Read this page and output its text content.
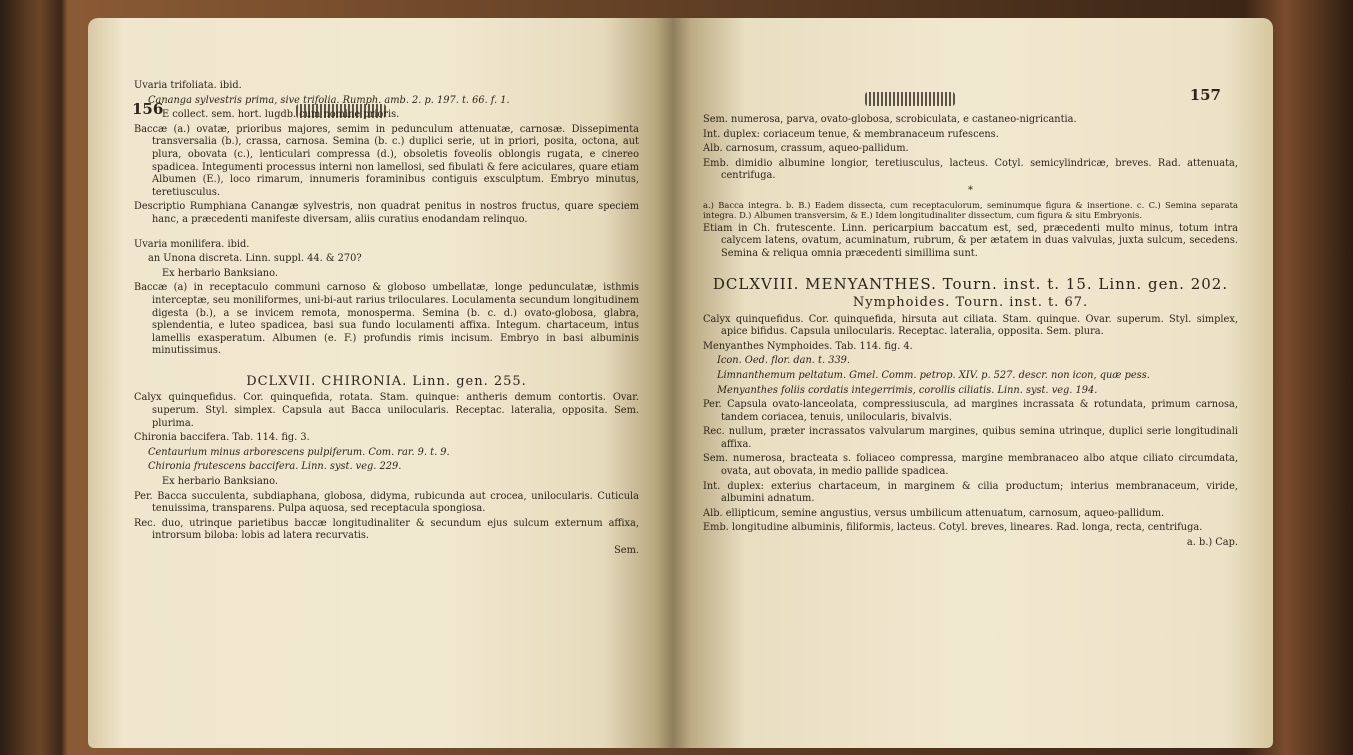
156

Uvaria trifoliata. ibid.

Cananga sylvestris prima, sive trifolia. Rumph. amb. 2. p. 197. t. 66. f. 1.

E collect. sem. hort. lugdb. cum nomine prioris.

Baccæ (a.) ovatæ, prioribus majores, semim in pedunculum attenuatæ, carnosæ. Dissepimenta transversalia (b.), crassa, carnosa. Semina (b. c.) duplici serie, ut in priori, posita, octona, aut plura, obovata (c.), lenticulari compressa (d.), obsoletis foveolis oblongis rugata, e cinereo spadicea. Integumenti processus interni non lamellosi, sed fibulati & fere aciculares, quare etiam Albumen (E.), loco rimarum, innumeris foraminibus contiguis exsculptum. Embryo minutus, teretiusculus.

Descriptio Rumphiana Canangæ sylvestris, non quadrat penitus in nostros fructus, quare speciem hanc, a præcedenti manifeste diversam, aliis curatius enodandam relinquo.

Uvaria monilifera. ibid.

an Unona discreta. Linn. suppl. 44. & 270?

Ex herbario Banksiano.

Baccæ (a) in receptaculo communi carnoso & globoso umbellatæ, longe pedunculatæ, isthmis interceptæ, seu moniliformes, uni-bi-aut rarius triloculares. Loculamenta secundum longitudinem digesta (b.), a se invicem remota, monosperma. Semina (b. c. d.) ovato-globosa, glabra, splendentia, e luteo spadicea, basi sua fundo loculamenti affixa. Integum. chartaceum, intus lamellis exasperatum. Albumen (e. F.) profundis rimis incisum. Embryo in basi albuminis minutissimus.

DCLXVII. CHIRONIA. Linn. gen. 255.

Calyx quinquefidus. Cor. quinquefida, rotata. Stam. quinque: antheris demum contortis. Ovar. superum. Styl. simplex. Capsula aut Bacca unilocularis. Receptac. lateralia, opposita. Sem. plurima.

Chironia baccifera. Tab. 114. fig. 3.

Centaurium minus arborescens pulpiferum. Com. rar. 9. t. 9.

Chironia frutescens baccifera. Linn. syst. veg. 229.

Ex herbario Banksiano.

Per. Bacca succulenta, subdiaphana, globosa, didyma, rubicunda aut crocea, unilocularis. Cuticula tenuissima, transparens. Pulpa aquosa, sed receptacula spongiosa.

Rec. duo, utrinque parietibus baccæ longitudinaliter & secundum ejus sulcum externum affixa, introrsum biloba: lobis ad latera recurvatis.

Sem.

157

Sem. numerosa, parva, ovato-globosa, scrobiculata, e castaneo-nigricantia.

Int. duplex: coriaceum tenue, & membranaceum rufescens.

Alb. carnosum, crassum, aqueo-pallidum.

Emb. dimidio albumine longior, teretiusculus, lacteus. Cotyl. semicylindricæ, breves. Rad. attenuata, centrifuga.

*

a.) Bacca integra. b. B.) Eadem dissecta, cum receptaculorum, seminumque figura & insertione. c. C.) Semina separata integra. D.) Albumen transversim, & E.) Idem longitudinaliter dissectum, cum figura & situ Embryonis.

Etiam in Ch. frutescente. Linn. pericarpium baccatum est, sed, præcedenti multo minus, totum intra calycem latens, ovatum, acuminatum, rubrum, & per ætatem in duas valvulas, juxta sulcum, secedens. Semina & reliqua omnia præcedenti simillima sunt.

DCLXVIII. MENYANTHES. Tourn. inst. t. 15. Linn. gen. 202.

Nymphoides. Tourn. inst. t. 67.

Calyx quinquefidus. Cor. quinquefida, hirsuta aut ciliata. Stam. quinque. Ovar. superum. Styl. simplex, apice bifidus. Capsula unilocularis. Receptac. lateralia, opposita. Sem. plura.

Menyanthes Nymphoides. Tab. 114. fig. 4.

Icon. Oed. flor. dan. t. 339.

Limnanthemum peltatum. Gmel. Comm. petrop. XIV. p. 527. descr. non icon, quæ pess.

Menyanthes foliis cordatis integerrimis, corollis ciliatis. Linn. syst. veg. 194.

Per. Capsula ovato-lanceolata, compressiuscula, ad margines incrassata & rotundata, primum carnosa, tandem coriacea, tenuis, unilocularis, bivalvis.

Rec. nullum, præter incrassatos valvularum margines, quibus semina utrinque, duplici serie longitudinali affixa.

Sem. numerosa, bracteata s. foliaceo compressa, margine membranaceo albo atque ciliato circumdata, ovata, aut obovata, in medio pallide spadicea.

Int. duplex: exterius chartaceum, in marginem & cilia productum; interius membranaceum, viride, albumini adnatum.

Alb. ellipticum, semine angustius, versus umbilicum attenuatum, carnosum, aqueo-pallidum.

Emb. longitudine albuminis, filiformis, lacteus. Cotyl. breves, lineares. Rad. longa, recta, centrifuga.

a. b.) Cap.
